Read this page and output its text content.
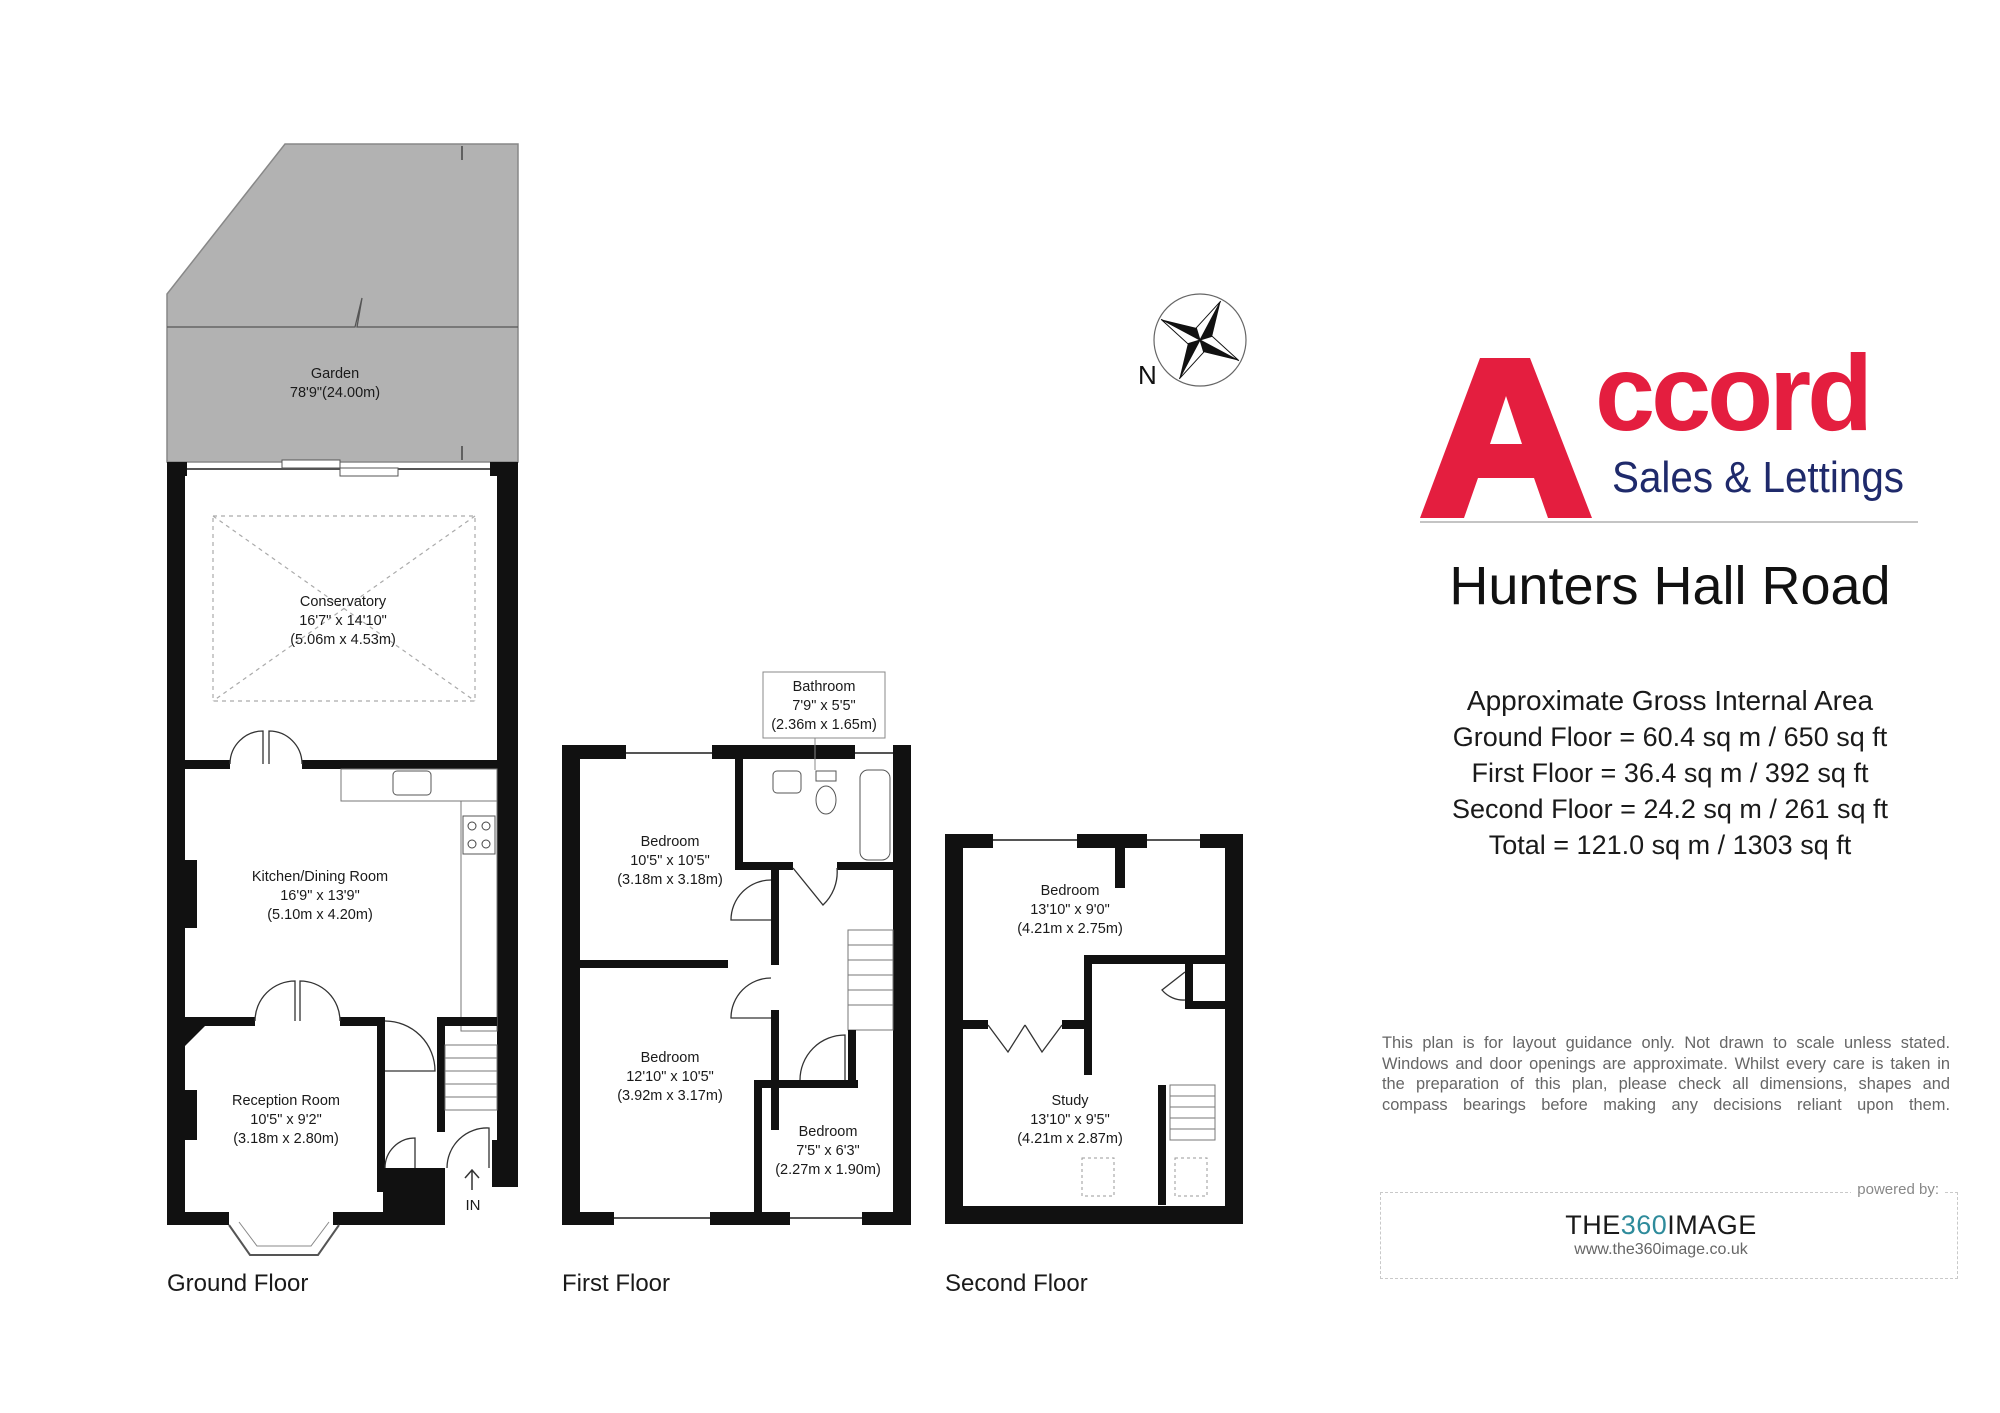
N
Garden
78'9"(24.00m)
Conservatory
16'7" x 14'10"
(5.06m x 4.53m)
Kitchen/Dining Room
16'9" x 13'9"
(5.10m x 4.20m)
Reception Room
10'5" x 9'2"
(3.18m x 2.80m)
Bathroom
7'9" x 5'5"
(2.36m x 1.65m)
Bedroom
10'5" x 10'5"
(3.18m x 3.18m)
Bedroom
12'10" x 10'5"
(3.92m x 3.17m)
Bedroom
7'5" x 6'3"
(2.27m x 1.90m)
Bedroom
13'10" x 9'0"
(4.21m x 2.75m)
Study
13'10" x 9'5"
(4.21m x 2.87m)
IN
Ground Floor	First Floor	Second Floor
ccord
Sales & Lettings
Hunters Hall Road
Approximate Gross Internal Area
Ground Floor = 60.4 sq m / 650 sq ft
First Floor = 36.4 sq m / 392 sq ft
Second Floor = 24.2 sq m / 261 sq ft
Total = 121.0 sq m / 1303 sq ft
This plan is for layout guidance only. Not drawn to scale unless stated. Windows and door openings are approximate. Whilst every care is taken in the preparation of this plan, please check all dimensions, shapes and compass bearings before making any decisions reliant upon them.
powered by:
THE360IMAGE
www.the360image.co.uk
